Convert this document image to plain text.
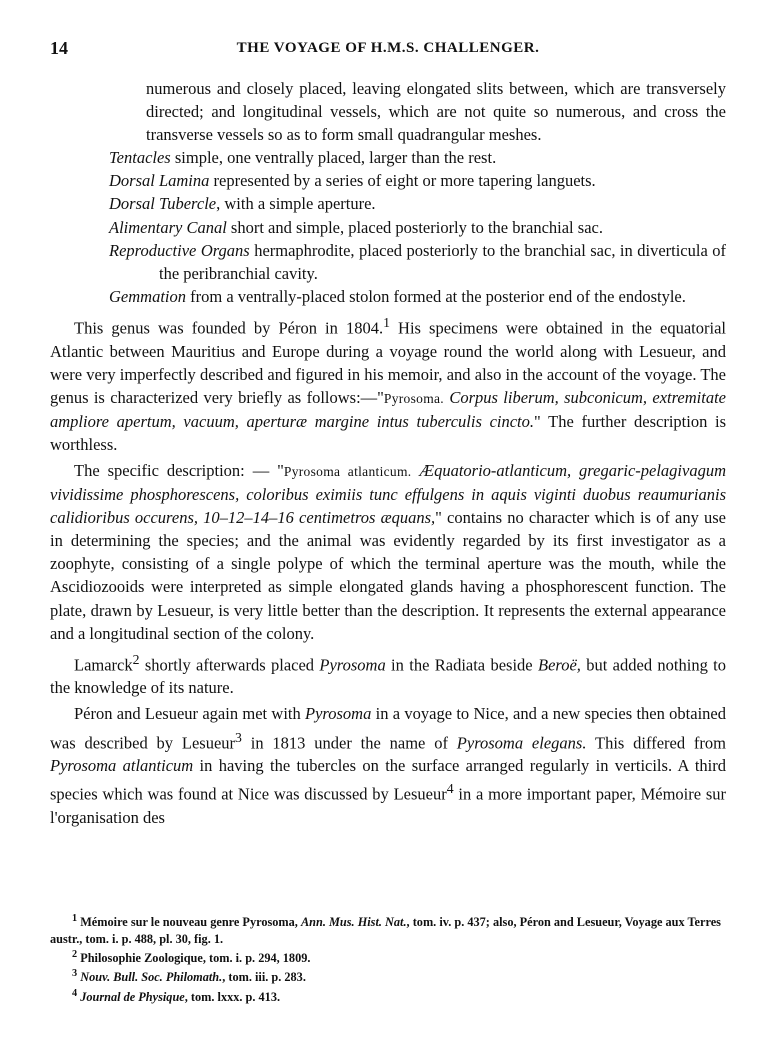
14	THE VOYAGE OF H.M.S. CHALLENGER.

numerous and closely placed, leaving elongated slits between, which are transversely directed; and longitudinal vessels, which are not quite so numerous, and cross the transverse vessels so as to form small quadrangular meshes.

Tentacles simple, one ventrally placed, larger than the rest.

Dorsal Lamina represented by a series of eight or more tapering languets.

Dorsal Tubercle, with a simple aperture.

Alimentary Canal short and simple, placed posteriorly to the branchial sac.

Reproductive Organs hermaphrodite, placed posteriorly to the branchial sac, in diverticula of the peribranchial cavity.

Gemmation from a ventrally-placed stolon formed at the posterior end of the endostyle.

This genus was founded by Péron in 1804.$^1$ His specimens were obtained in the equatorial Atlantic between Mauritius and Europe during a voyage round the world along with Lesueur, and were very imperfectly described and figured in his memoir, and also in the account of the voyage. The genus is characterized very briefly as follows:—"Pyrosoma. Corpus liberum, subconicum, extremitate ampliore apertum, vacuum, aperturæ margine intus tuberculis cincto." The further description is worthless.

The specific description: — "Pyrosoma atlanticum. Æquatorio-atlanticum, gregaric-pelagivagum vividissime phosphorescens, coloribus eximiis tunc effulgens in aquis viginti duobus reaumurianis calidioribus occurens, 10–12–14–16 centimetros æquans," contains no character which is of any use in determining the species; and the animal was evidently regarded by its first investigator as a zoophyte, consisting of a single polype of which the terminal aperture was the mouth, while the Ascidiozooids were interpreted as simple elongated glands having a phosphorescent function. The plate, drawn by Lesueur, is very little better than the description. It represents the external appearance and a longitudinal section of the colony.

Lamarck$^2$ shortly afterwards placed Pyrosoma in the Radiata beside Beroë, but added nothing to the knowledge of its nature.

Péron and Lesueur again met with Pyrosoma in a voyage to Nice, and a new species then obtained was described by Lesueur$^3$ in 1813 under the name of Pyrosoma elegans. This differed from Pyrosoma atlanticum in having the tubercles on the surface arranged regularly in verticils. A third species which was found at Nice was discussed by Lesueur$^4$ in a more important paper, Mémoire sur l'organisation des

$^1$ Mémoire sur le nouveau genre Pyrosoma, Ann. Mus. Hist. Nat., tom. iv. p. 437; also, Péron and Lesueur, Voyage aux Terres austr., tom. i. p. 488, pl. 30, fig. 1.

$^2$ Philosophie Zoologique, tom. i. p. 294, 1809.

$^3$ Nouv. Bull. Soc. Philomath., tom. iii. p. 283.

$^4$ Journal de Physique, tom. lxxx. p. 413.
